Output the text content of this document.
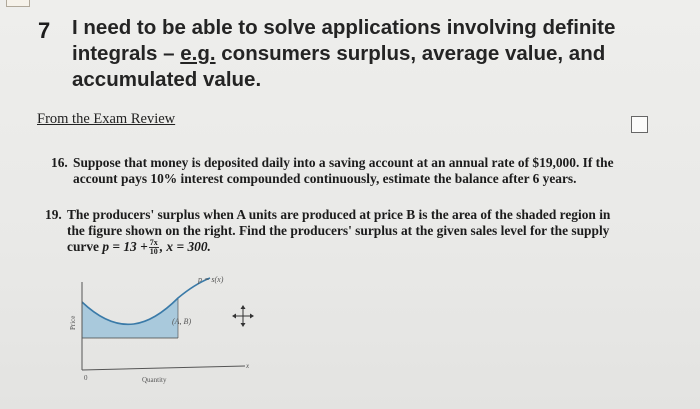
7 I need to be able to solve applications involving definite integrals – e.g. consumers surplus, average value, and accumulated value.
From the Exam Review
16. Suppose that money is deposited daily into a saving account at an annual rate of $19,000. If the account pays 10% interest compounded continuously, estimate the balance after 6 years.
19. The producers' surplus when A units are produced at price B is the area of the shaded region in
the figure shown on the right. Find the producers' surplus at the given sales level for the supply
curve $p = 13 + \frac{7x}{10}$ , x = 300.
p = s(x)
(A, B)
Price
Quantity
0
x
